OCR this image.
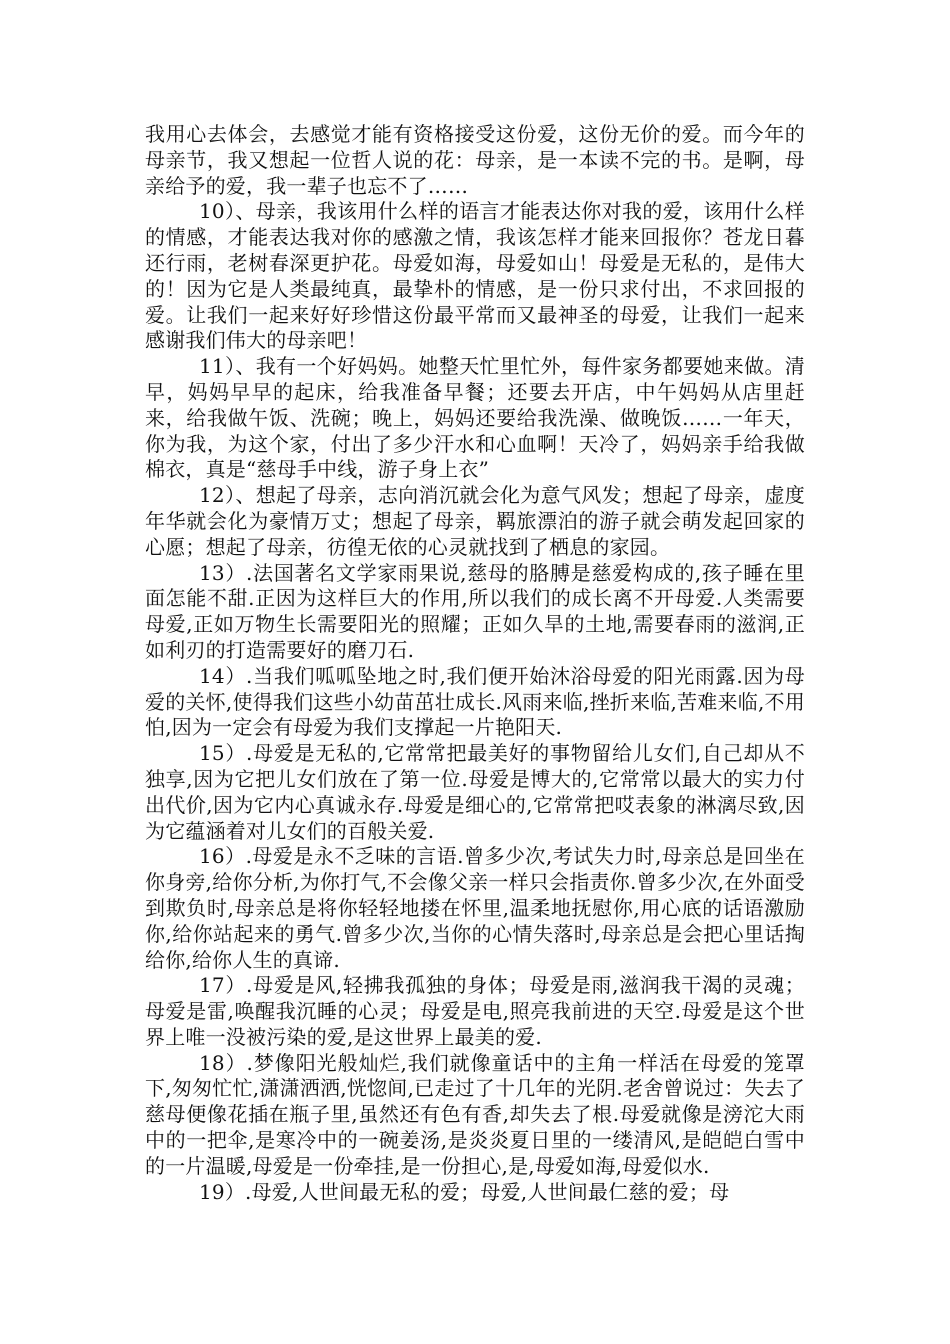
我用心去体会，去感觉才能有资格接受这份爱，这份无价的爱。而今年的母亲节，我又想起一位哲人说的花：母亲，是一本读不完的书。是啊，母亲给予的爱，我一辈子也忘不了……

10）、母亲，我该用什么样的语言才能表达你对我的爱，该用什么样的情感，才能表达我对你的感激之情，我该怎样才能来回报你？苍龙日暮还行雨，老树春深更护花。母爱如海，母爱如山！母爱是无私的，是伟大的！因为它是人类最纯真，最挚朴的情感，是一份只求付出，不求回报的爱。让我们一起来好好珍惜这份最平常而又最神圣的母爱，让我们一起来感谢我们伟大的母亲吧！

11）、我有一个好妈妈。她整天忙里忙外，每件家务都要她来做。清早，妈妈早早的起床，给我准备早餐；还要去开店，中午妈妈从店里赶来，给我做午饭、洗碗；晚上，妈妈还要给我洗澡、做晚饭……一年天，你为我，为这个家，付出了多少汗水和心血啊！天冷了，妈妈亲手给我做棉衣，真是“慈母手中线，游子身上衣”

12）、想起了母亲，志向消沉就会化为意气风发；想起了母亲，虚度年华就会化为豪情万丈；想起了母亲，羁旅漂泊的游子就会萌发起回家的心愿；想起了母亲，彷徨无依的心灵就找到了栖息的家园。

13）.法国著名文学家雨果说,慈母的胳膊是慈爱构成的,孩子睡在里面怎能不甜.正因为这样巨大的作用,所以我们的成长离不开母爱.人类需要母爱,正如万物生长需要阳光的照耀；正如久旱的土地,需要春雨的滋润,正如利刃的打造需要好的磨刀石.

14）.当我们呱呱坠地之时,我们便开始沐浴母爱的阳光雨露.因为母爱的关怀,使得我们这些小幼苗茁壮成长.风雨来临,挫折来临,苦难来临,不用怕,因为一定会有母爱为我们支撑起一片艳阳天.

15）.母爱是无私的,它常常把最美好的事物留给儿女们,自己却从不独享,因为它把儿女们放在了第一位.母爱是博大的,它常常以最大的实力付出代价,因为它内心真诚永存.母爱是细心的,它常常把哎表象的淋漓尽致,因为它蕴涵着对儿女们的百般关爱.

16）.母爱是永不乏味的言语.曾多少次,考试失力时,母亲总是回坐在你身旁,给你分析,为你打气,不会像父亲一样只会指责你.曾多少次,在外面受到欺负时,母亲总是将你轻轻地搂在怀里,温柔地抚慰你,用心底的话语激励你,给你站起来的勇气.曾多少次,当你的心情失落时,母亲总是会把心里话掏给你,给你人生的真谛.

17）.母爱是风,轻拂我孤独的身体；母爱是雨,滋润我干渴的灵魂；母爱是雷,唤醒我沉睡的心灵；母爱是电,照亮我前进的天空.母爱是这个世界上唯一没被污染的爱,是这世界上最美的爱.

18）.梦像阳光般灿烂,我们就像童话中的主角一样活在母爱的笼罩下,匆匆忙忙,潇潇洒洒,恍惚间,已走过了十几年的光阴.老舍曾说过：失去了慈母便像花插在瓶子里,虽然还有色有香,却失去了根.母爱就像是滂沱大雨中的一把伞,是寒冷中的一碗姜汤,是炎炎夏日里的一缕清风,是皑皑白雪中的一片温暖,母爱是一份牵挂,是一份担心,是,母爱如海,母爱似水.

19）.母爱,人世间最无私的爱；母爱,人世间最仁慈的爱；母
